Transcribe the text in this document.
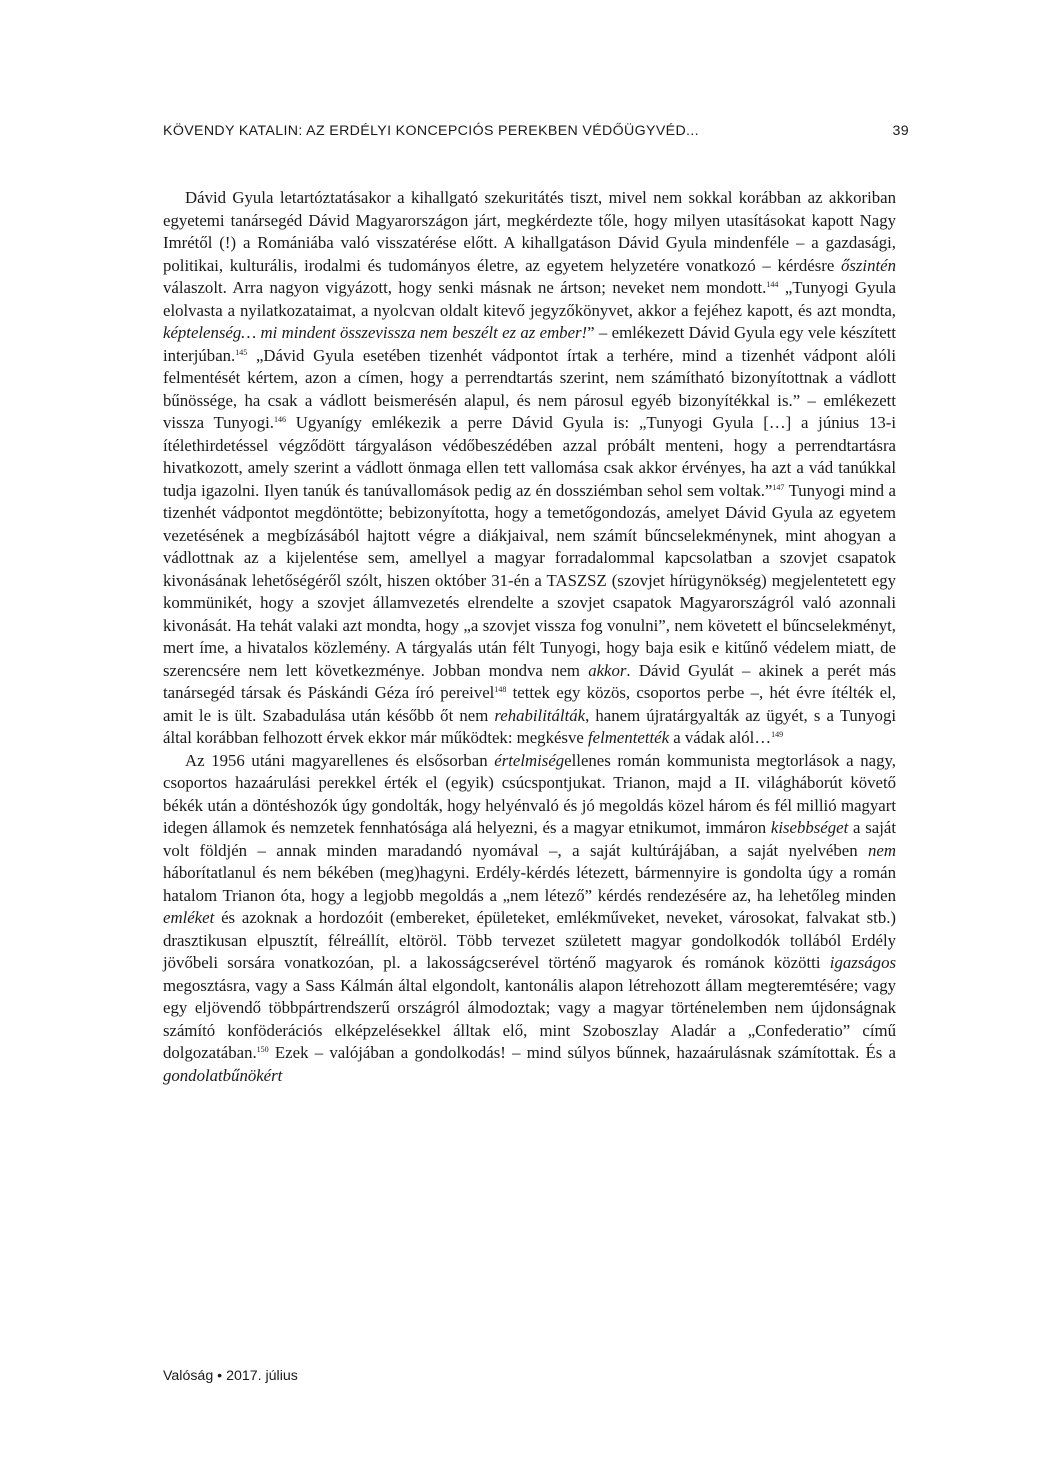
KÖVENDY KATALIN: AZ ERDÉLYI KONCEPCIÓS PEREKBEN VÉDŐÜGYVÉD...	39

Dávid Gyula letartóztatásakor a kihallgató szekuritátés tiszt, mivel nem sokkal korábban az akkoriban egyetemi tanársegéd Dávid Magyarországon járt, megkérdezte tőle, hogy milyen utasításokat kapott Nagy Imrétől (!) a Romániába való visszatérése előtt. A kihallgatáson Dávid Gyula mindenféle – a gazdasági, politikai, kulturális, irodalmi és tudományos életre, az egyetem helyzetére vonatkozó – kérdésre őszintén válaszolt. Arra nagyon vigyázott, hogy senki másnak ne ártson; neveket nem mondott.$^{144}$ „Tunyogi Gyula elolvasta a nyilatkozataimat, a nyolcvan oldalt kitevő jegyzőkönyvet, akkor a fejéhez kapott, és azt mondta, képtelenség… mi mindent összevissza nem beszélt ez az ember!” – emlékezett Dávid Gyula egy vele készített interjúban.$^{145}$ „Dávid Gyula esetében tizenhét vádpontot írtak a terhére, mind a tizenhét vádpont alóli felmentését kértem, azon a címen, hogy a perrendtartás szerint, nem számítható bizonyítottnak a vádlott bűnössége, ha csak a vádlott beismerésén alapul, és nem párosul egyéb bizonyítékkal is.” – emlékezett vissza Tunyogi.$^{146}$ Ugyanígy emlékezik a perre Dávid Gyula is: „Tunyogi Gyula […] a június 13-i ítélethirdetéssel végződött tárgyaláson védőbeszédében azzal próbált menteni, hogy a perrendtartásra hivatkozott, amely szerint a vádlott önmaga ellen tett vallomása csak akkor érvényes, ha azt a vád tanúkkal tudja igazolni. Ilyen tanúk és tanúvallomások pedig az én dossziémban sehol sem voltak.”$^{147}$ Tunyogi mind a tizenhét vádpontot megdöntötte; bebizonyította, hogy a temetőgondozás, amelyet Dávid Gyula az egyetem vezetésének a megbízásából hajtott végre a diákjaival, nem számít bűncselekménynek, mint ahogyan a vádlottnak az a kijelentése sem, amellyel a magyar forradalommal kapcsolatban a szovjet csapatok kivonásának lehetőségéről szólt, hiszen október 31-én a TASZSZ (szovjet hírügynökség) megjelentetett egy kommünikét, hogy a szovjet államvezetés elrendelte a szovjet csapatok Magyarországról való azonnali kivonását. Ha tehát valaki azt mondta, hogy „a szovjet vissza fog vonulni”, nem követett el bűncselekményt, mert íme, a hivatalos közlemény. A tárgyalás után félt Tunyogi, hogy baja esik e kitűnő védelem miatt, de szerencsére nem lett következménye. Jobban mondva nem akkor. Dávid Gyulát – akinek a perét más tanársegéd társak és Páskándi Géza író pereivel$^{148}$ tettek egy közös, csoportos perbe –, hét évre ítélték el, amit le is ült. Szabadulása után később őt nem rehabilitálták, hanem újratárgyalták az ügyét, s a Tunyogi által korábban felhozott érvek ekkor már működtek: megkésve felmentették a vádak alól…$^{149}$

Az 1956 utáni magyarellenes és elsősorban értelmiségellenes román kommunista megtorlások a nagy, csoportos hazaárulási perekkel érték el (egyik) csúcspontjukat. Trianon, majd a II. világháborút követő békék után a döntéshozók úgy gondolták, hogy helyénvaló és jó megoldás közel három és fél millió magyart idegen államok és nemzetek fennhatósága alá helyezni, és a magyar etnikumot, immáron kisebbséget a saját volt földjén – annak minden maradandó nyomával –, a saját kultúrájában, a saját nyelvében nem háborítatlanul és nem békében (meg)hagyni. Erdély-kérdés létezett, bármennyire is gondolta úgy a román hatalom Trianon óta, hogy a legjobb megoldás a „nem létező” kérdés rendezésére az, ha lehetőleg minden emléket és azoknak a hordozóit (embereket, épületeket, emlékműveket, neveket, városokat, falvakat stb.) drasztikusan elpusztít, félreállít, eltöröl. Több tervezet született magyar gondolkodók tollából Erdély jövőbeli sorsára vonatkozóan, pl. a lakosságcserével történő magyarok és románok közötti igazságos megosztásra, vagy a Sass Kálmán által elgondolt, kantonális alapon létrehozott állam megteremtésére; vagy egy eljövendő többpártrendszerű országról álmodoztak; vagy a magyar történelemben nem újdonságnak számító konföderációs elképzelésekkel álltak elő, mint Szoboszlay Aladár a „Confederatio” című dolgozatában.$^{150}$ Ezek – valójában a gondolkodás! – mind súlyos bűnnek, hazaárulásnak számítottak. És a gondolatbűnökért

Valóság • 2017. július
